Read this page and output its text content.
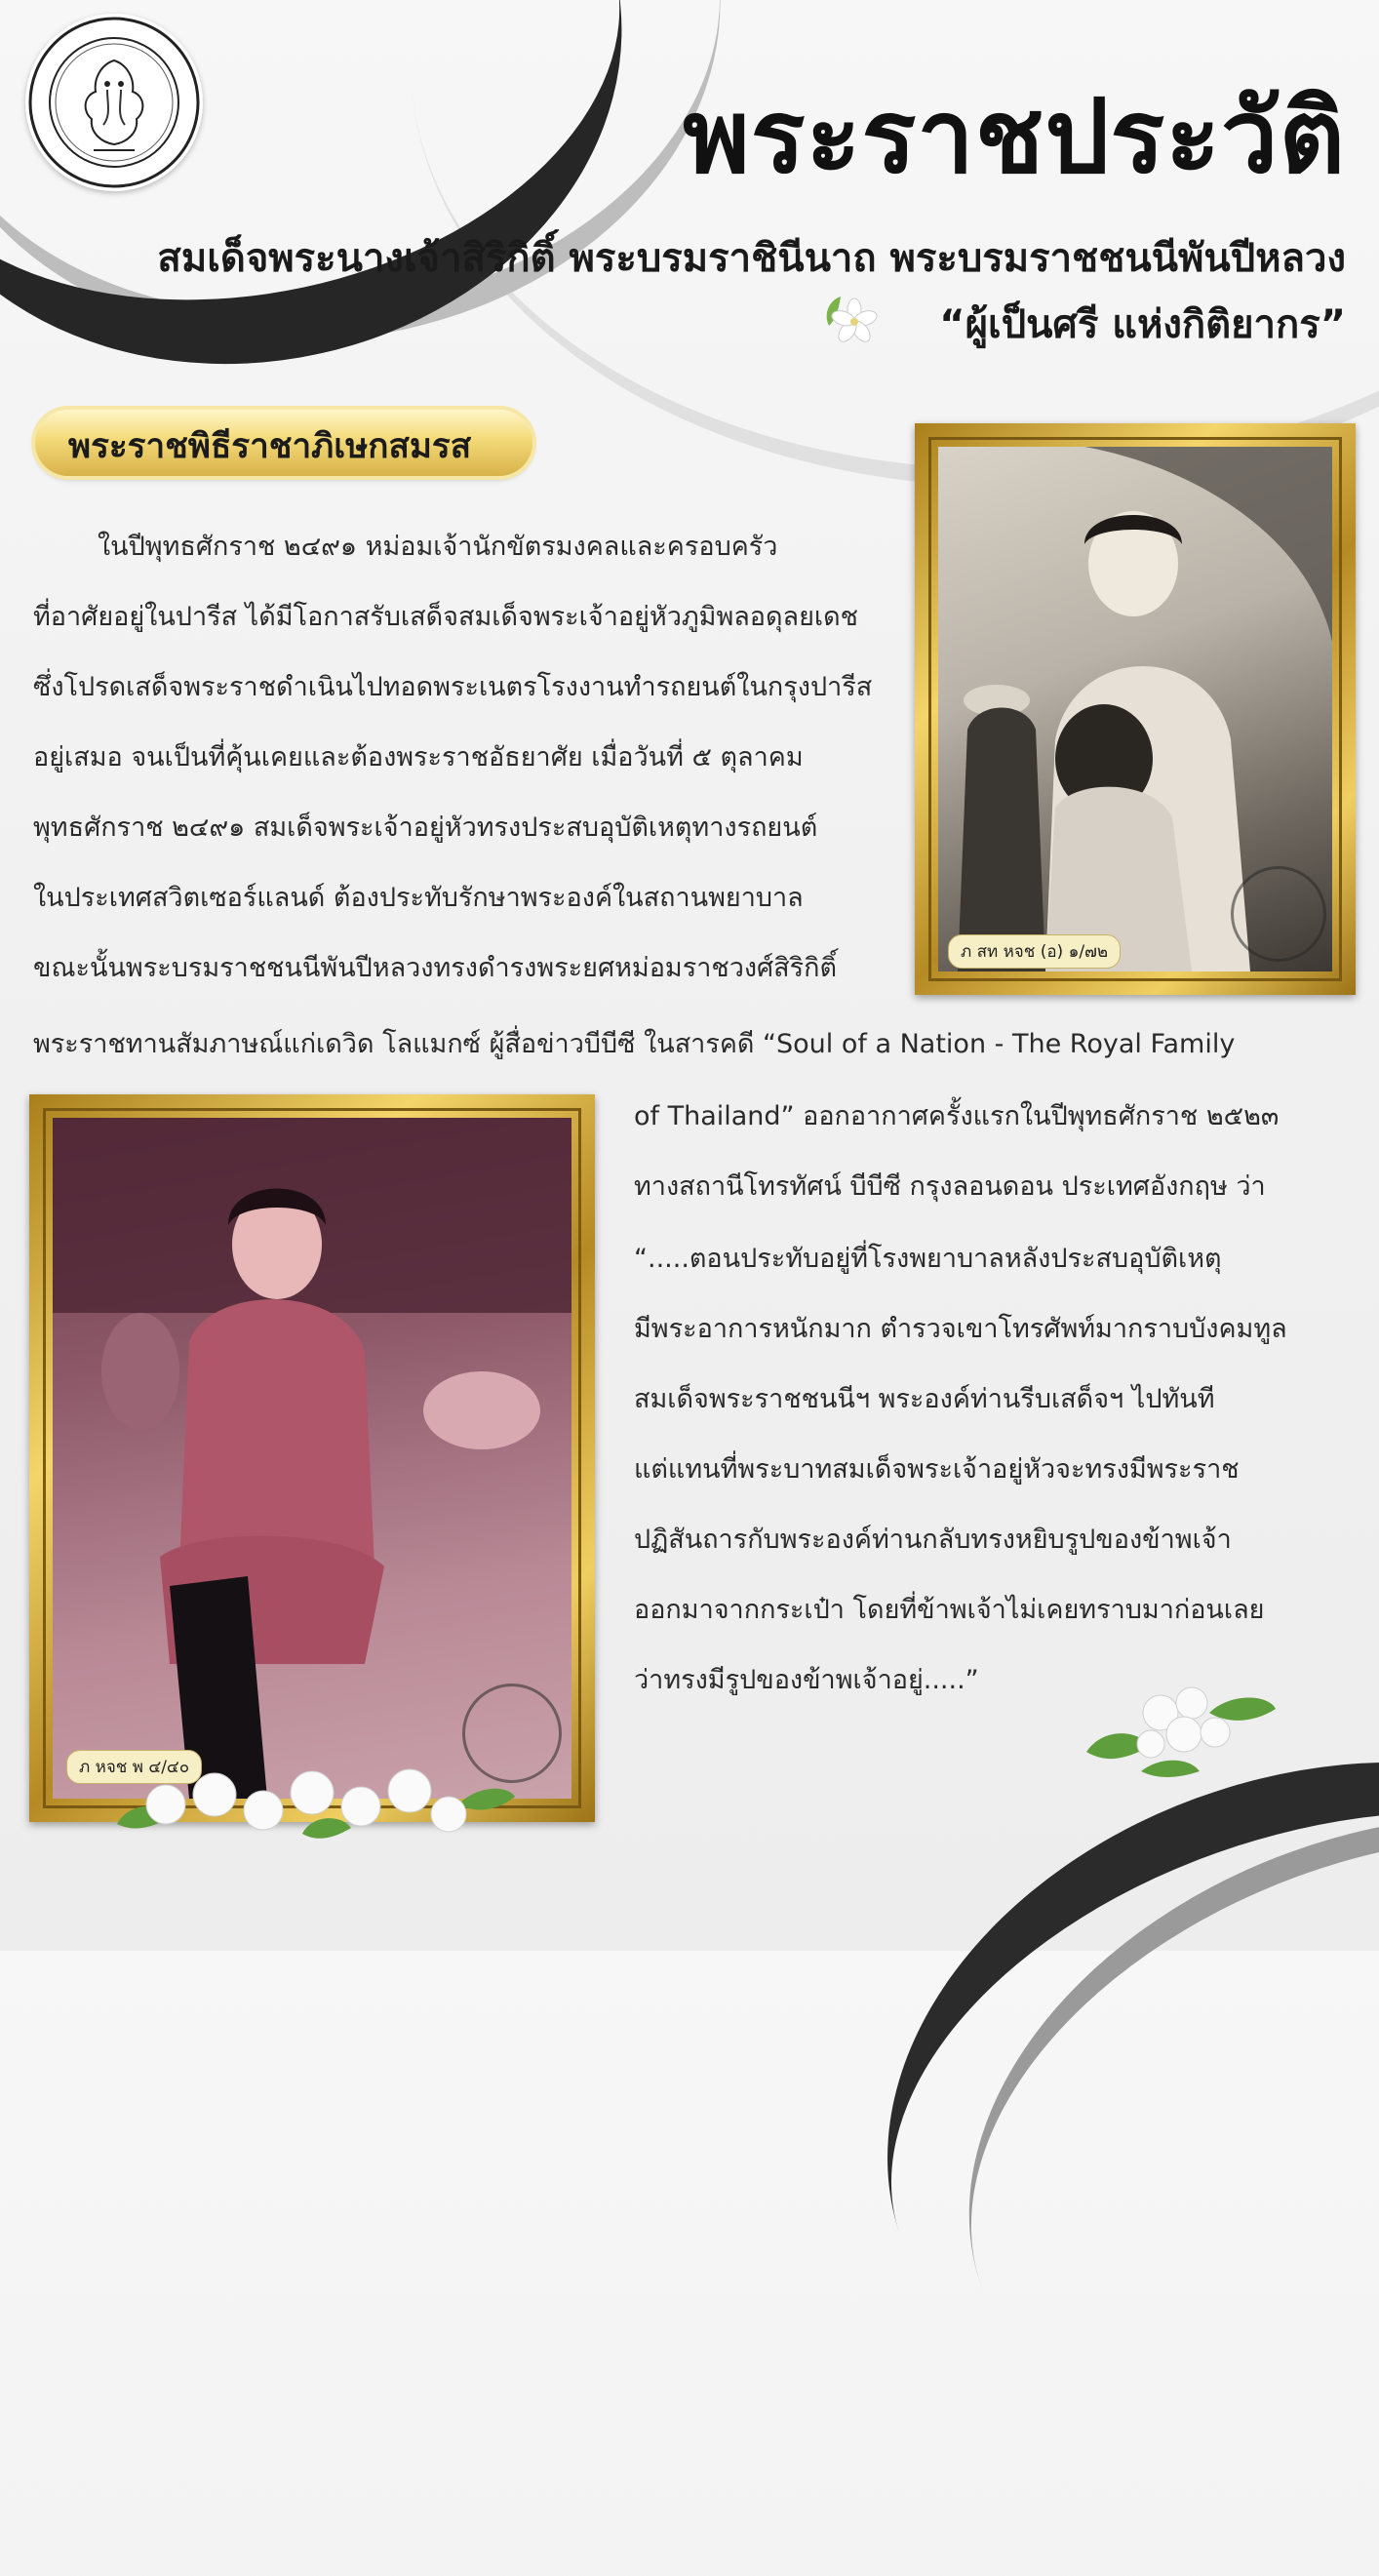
พระราชประวัติ
สมเด็จพระนางเจ้าสิริกิติ์ พระบรมราชินีนาถ พระบรมราชชนนีพันปีหลวง
“ผู้เป็นศรี แห่งกิติยากร”
พระราชพิธีราชาภิเษกสมรส
ในปีพุทธศักราช ๒๔๙๑ หม่อมเจ้านักขัตรมงคลและครอบครัว
ที่อาศัยอยู่ในปารีส ได้มีโอกาสรับเสด็จสมเด็จพระเจ้าอยู่หัวภูมิพลอดุลยเดช
ซึ่งโปรดเสด็จพระราชดำเนินไปทอดพระเนตรโรงงานทำรถยนต์ในกรุงปารีส
อยู่เสมอ จนเป็นที่คุ้นเคยและต้องพระราชอัธยาศัย เมื่อวันที่ ๕ ตุลาคม
พุทธศักราช ๒๔๙๑ สมเด็จพระเจ้าอยู่หัวทรงประสบอุบัติเหตุทางรถยนต์
ในประเทศสวิตเซอร์แลนด์ ต้องประทับรักษาพระองค์ในสถานพยาบาล
ขณะนั้นพระบรมราชชนนีพันปีหลวงทรงดำรงพระยศหม่อมราชวงศ์สิริกิติ์
พระราชทานสัมภาษณ์แก่เดวิด โลแมกซ์ ผู้สื่อข่าวบีบีซี ในสารคดี “Soul of a Nation - The Royal Family
ภ สท หจช (อ) ๑/๗๒
ภ หจช พ ๔/๔๐
of Thailand” ออกอากาศครั้งแรกในปีพุทธศักราช ๒๕๒๓
ทางสถานีโทรทัศน์ บีบีซี กรุงลอนดอน ประเทศอังกฤษ ว่า
“.....ตอนประทับอยู่ที่โรงพยาบาลหลังประสบอุบัติเหตุ
มีพระอาการหนักมาก ตำรวจเขาโทรศัพท์มากราบบังคมทูล
สมเด็จพระราชชนนีฯ พระองค์ท่านรีบเสด็จฯ ไปทันที
แต่แทนที่พระบาทสมเด็จพระเจ้าอยู่หัวจะทรงมีพระราช
ปฏิสันถารกับพระองค์ท่านกลับทรงหยิบรูปของข้าพเจ้า
ออกมาจากกระเป๋า โดยที่ข้าพเจ้าไม่เคยทราบมาก่อนเลย
ว่าทรงมีรูปของข้าพเจ้าอยู่.....”
